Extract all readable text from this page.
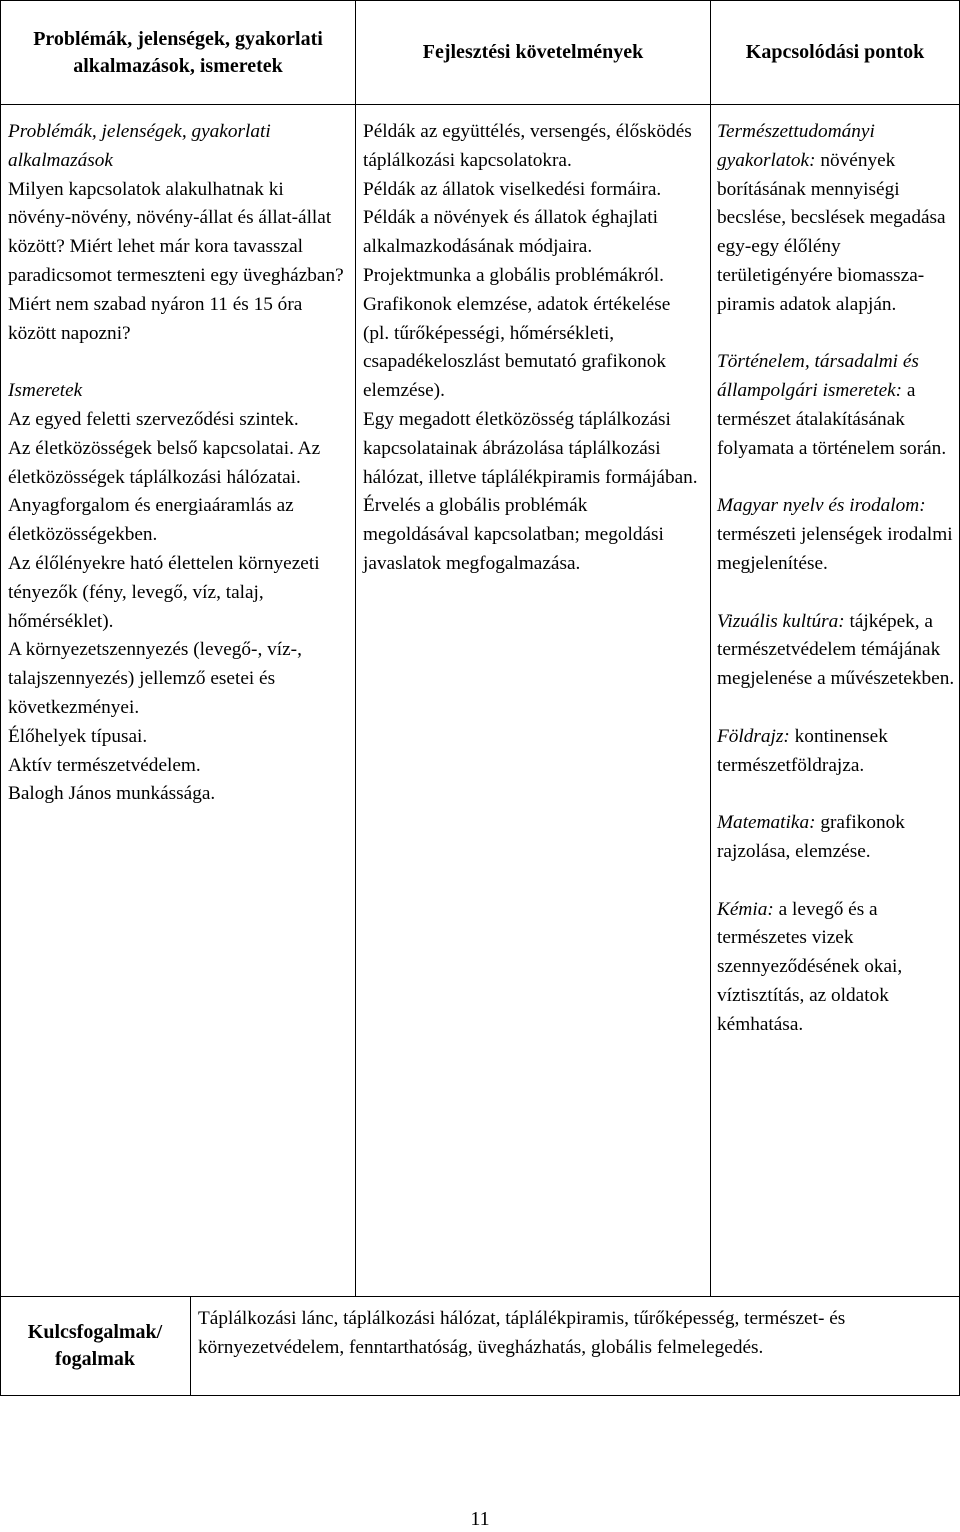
Problémák, jelenségek, gyakorlati alkalmazások, ismeretek
Fejlesztési követelmények	Kapcsolódási pontok

Problémák, jelenségek, gyakorlati alkalmazások

Milyen kapcsolatok alakulhatnak ki növény-növény, növény-állat és állat-állat között? Miért lehet már kora tavasszal paradicsomot termeszteni egy üvegházban? Miért nem szabad nyáron 11 és 15 óra között napozni?

Ismeretek

Az egyed feletti szerveződési szintek.

Az életközösségek belső kapcsolatai. Az életközösségek táplálkozási hálózatai.

Anyagforgalom és energiaáramlás az életközösségekben.

Az élőlényekre ható élettelen környezeti tényezők (fény, levegő, víz, talaj, hőmérséklet).

A környezetszennyezés (levegő-, víz-, talajszennyezés) jellemző esetei és következményei.

Élőhelyek típusai.

Aktív természetvédelem.

Balogh János munkássága.

Példák az együttélés, versengés, élősködés táplálkozási kapcsolatokra.

Példák az állatok viselkedési formáira.

Példák a növények és állatok éghajlati alkalmazkodásának módjaira.

Projektmunka a globális problémákról.

Grafikonok elemzése, adatok értékelése (pl. tűrőképességi, hőmérsékleti, csapadékeloszlást bemutató grafikonok elemzése).

Egy megadott életközösség táplálkozási kapcsolatainak ábrázolása táplálkozási hálózat, illetve táplálékpiramis formájában.

Érvelés a globális problémák megoldásával kapcsolatban; megoldási javaslatok megfogalmazása.

Természettudományi gyakorlatok: növények borításának mennyiségi becslése, becslések megadása egy-egy élőlény területigényére biomassza-piramis adatok alapján.

Történelem, társadalmi és állampolgári ismeretek: a természet átalakításának folyamata a történelem során.

Magyar nyelv és irodalom: természeti jelenségek irodalmi megjelenítése.

Vizuális kultúra: tájképek, a természetvédelem témájának megjelenése a művészetekben.

Földrajz: kontinensek természetföldrajza.

Matematika: grafikonok rajzolása, elemzése.

Kémia: a levegő és a természetes vizek szennyeződésének okai, víztisztítás, az oldatok kémhatása.

Kulcsfogalmak/ fogalmak
Táplálkozási lánc, táplálkozási hálózat, táplálékpiramis, tűrőképesség, természet- és környezetvédelem, fenntarthatóság, üvegházhatás, globális felmelegedés.
11
